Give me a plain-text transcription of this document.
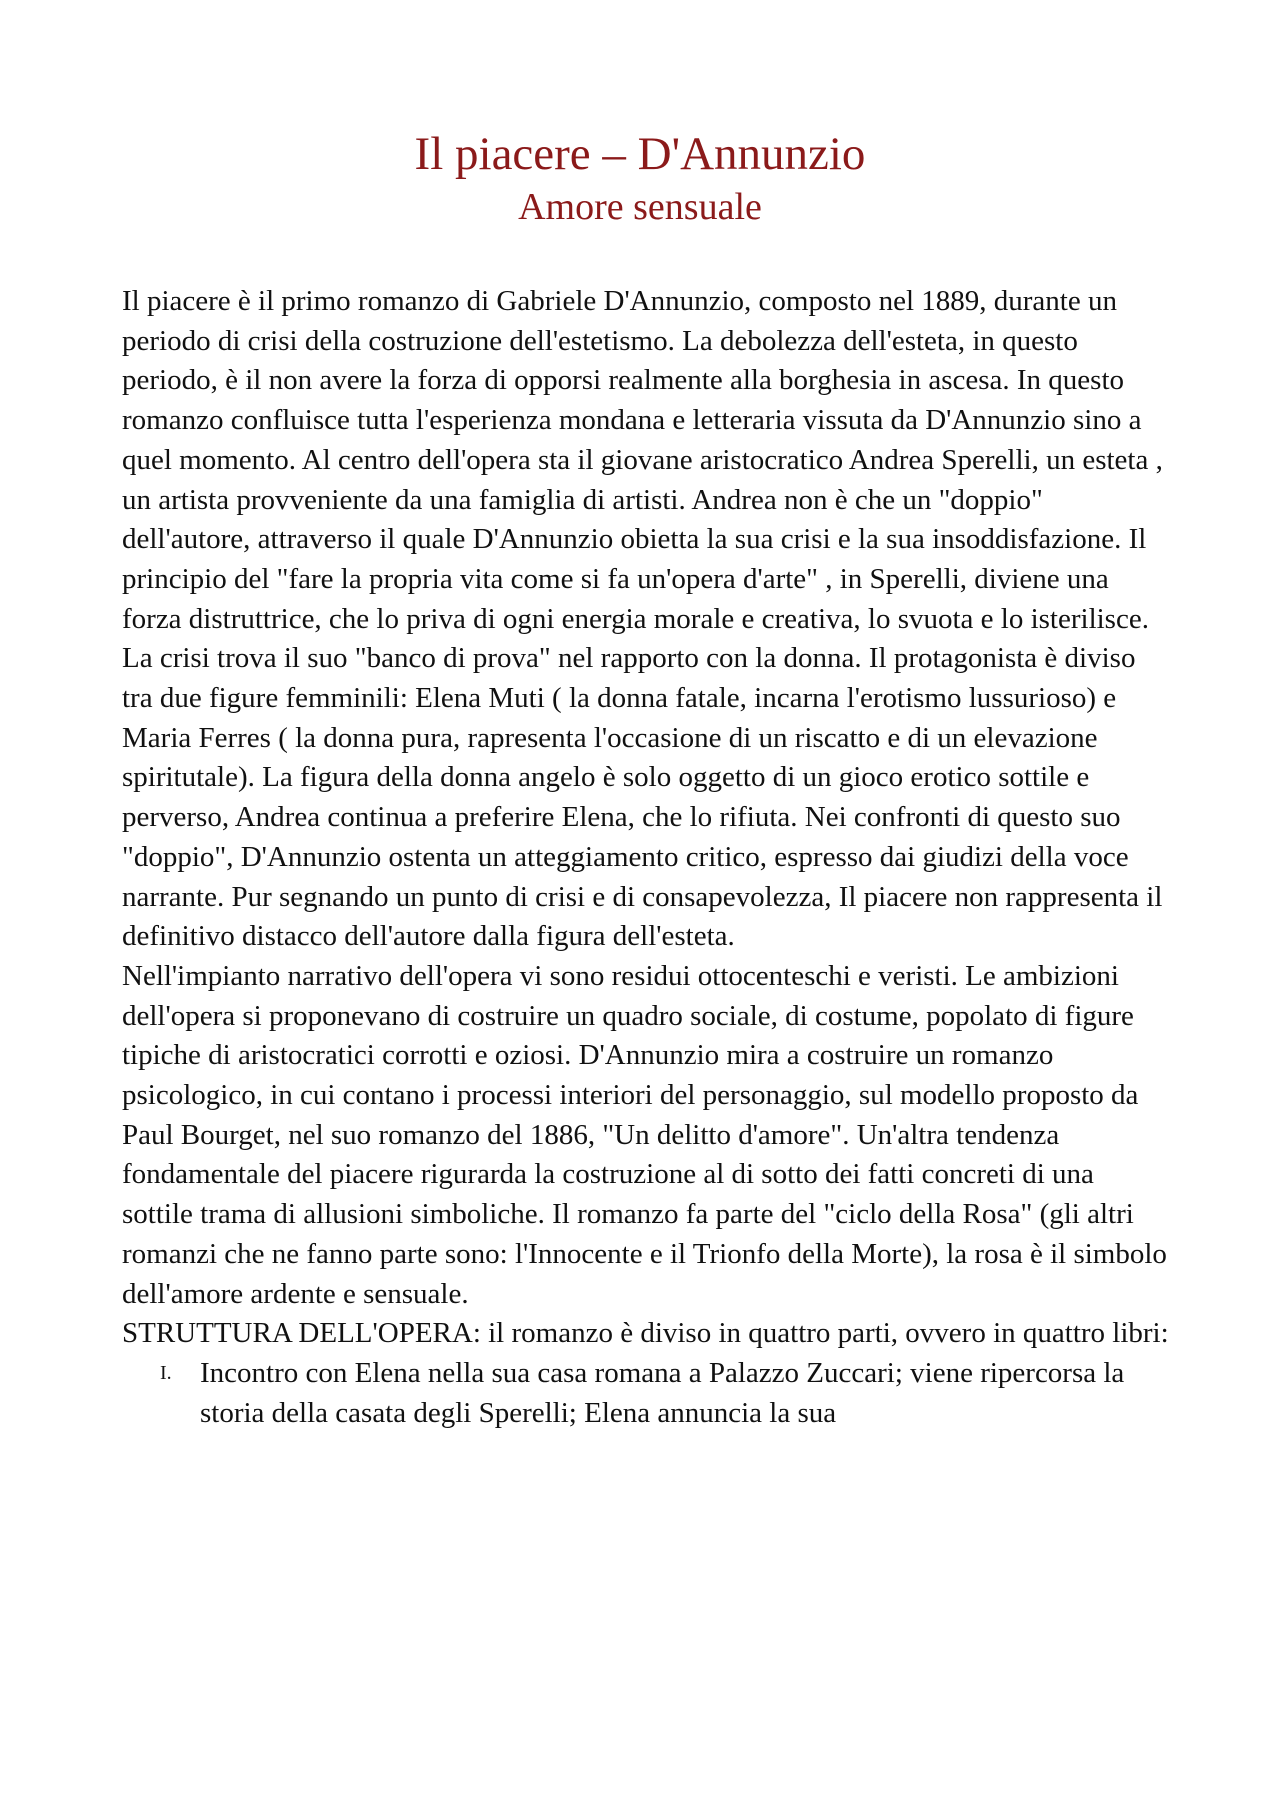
Il piacere – D'Annunzio
Amore sensuale

Il piacere è il primo romanzo di Gabriele D'Annunzio, composto nel 1889, durante un periodo di crisi della costruzione dell'estetismo. La debolezza dell'esteta, in questo periodo, è il non avere la forza di opporsi realmente alla borghesia in ascesa. In questo romanzo confluisce tutta l'esperienza mondana e letteraria vissuta da D'Annunzio sino a quel momento. Al centro dell'opera sta il giovane aristocratico Andrea Sperelli, un esteta , un artista provveniente da una famiglia di artisti. Andrea non è che un "doppio" dell'autore, attraverso il quale D'Annunzio obietta la sua crisi e la sua insoddisfazione. Il principio del "fare la propria vita come si fa un'opera d'arte" , in Sperelli, diviene una forza distruttrice, che lo priva di ogni energia morale e creativa, lo svuota e lo isterilisce. La crisi trova il suo "banco di prova" nel rapporto con la donna. Il protagonista è diviso tra due figure femminili: Elena Muti ( la donna fatale, incarna l'erotismo lussurioso) e Maria Ferres ( la donna pura, rapresenta l'occasione di un riscatto e di un elevazione spiritutale). La figura della donna angelo è solo oggetto di un gioco erotico sottile e perverso, Andrea continua a preferire Elena, che lo rifiuta. Nei confronti di questo suo "doppio", D'Annunzio ostenta un atteggiamento critico, espresso dai giudizi della voce narrante. Pur segnando un punto di crisi e di consapevolezza, Il piacere non rappresenta il definitivo distacco dell'autore dalla figura dell'esteta.

Nell'impianto narrativo dell'opera vi sono residui ottocenteschi e veristi. Le ambizioni dell'opera si proponevano di costruire un quadro sociale, di costume, popolato di figure tipiche di aristocratici corrotti e oziosi. D'Annunzio mira a costruire un romanzo psicologico, in cui contano i processi interiori del personaggio, sul modello proposto da Paul Bourget, nel suo romanzo del 1886, "Un delitto d'amore". Un'altra tendenza fondamentale del piacere rigurarda la costruzione al di sotto dei fatti concreti di una sottile trama di allusioni simboliche. Il romanzo fa parte del "ciclo della Rosa" (gli altri romanzi che ne fanno parte sono: l'Innocente e il Trionfo della Morte), la rosa è il simbolo dell'amore ardente e sensuale.

STRUTTURA DELL'OPERA: il romanzo è diviso in quattro parti, ovvero in quattro libri:

I. Incontro con Elena nella sua casa romana a Palazzo Zuccari; viene ripercorsa la storia della casata degli Sperelli; Elena annuncia la sua
